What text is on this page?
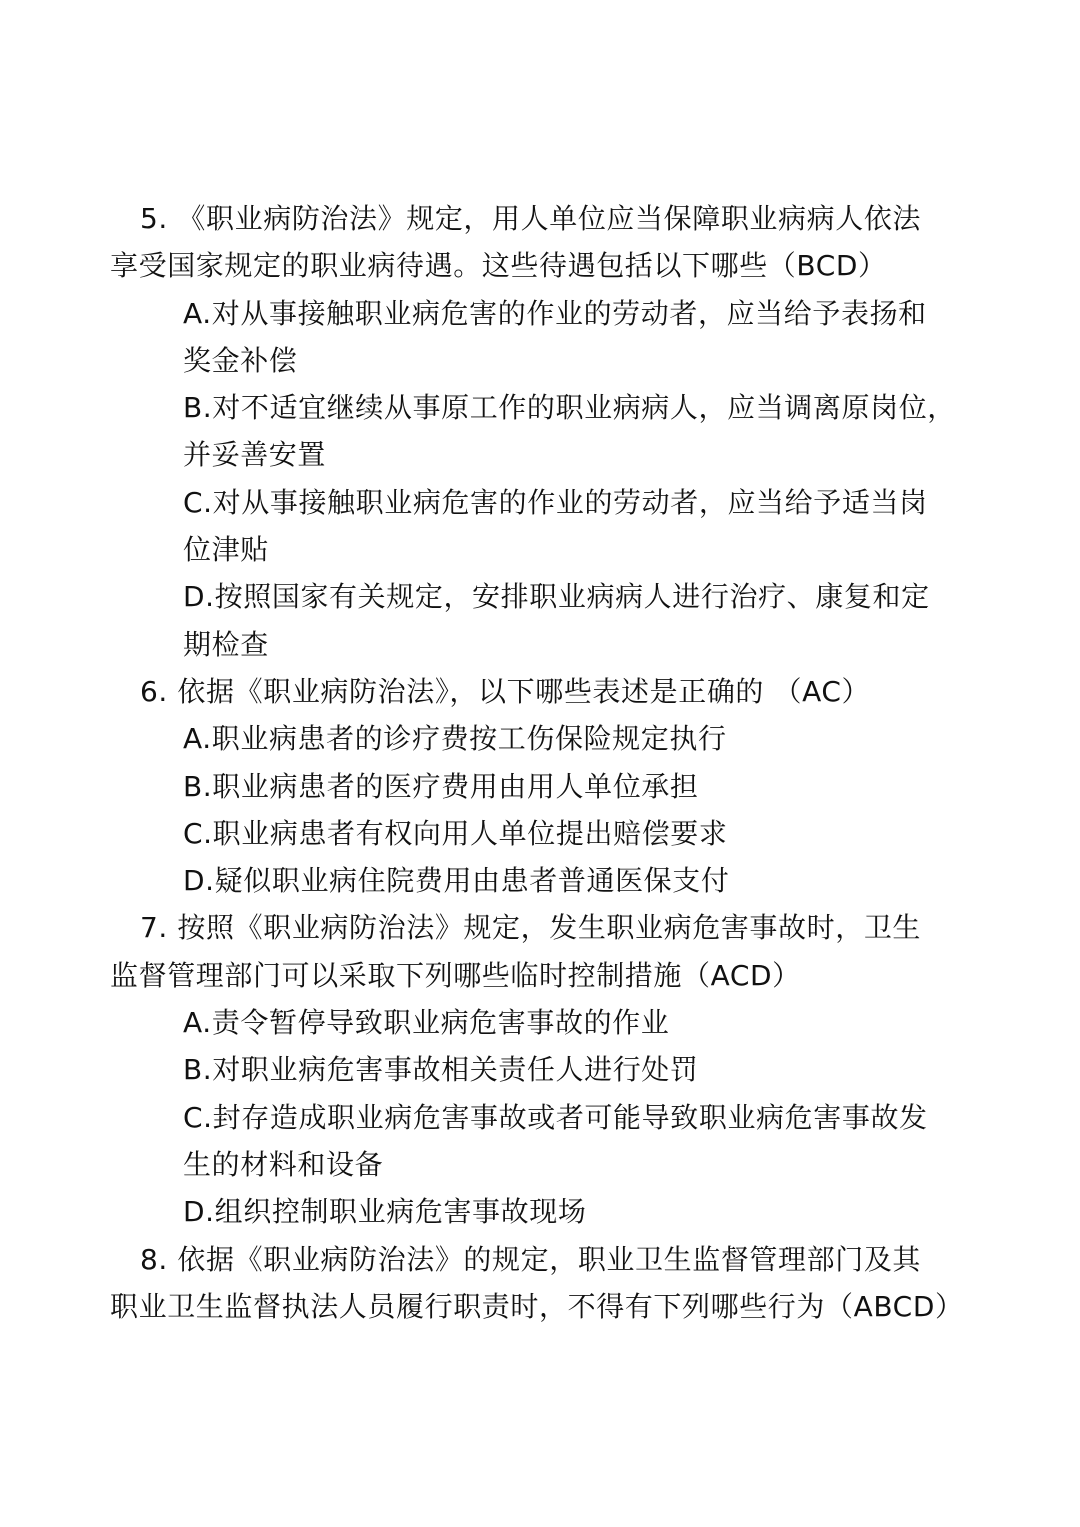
5. 《职业病防治法》规定，用人单位应当保障职业病病人依法
享受国家规定的职业病待遇。这些待遇包括以下哪些（BCD）
A.对从事接触职业病危害的作业的劳动者，应当给予表扬和
奖金补偿
B.对不适宜继续从事原工作的职业病病人，应当调离原岗位，
并妥善安置
C.对从事接触职业病危害的作业的劳动者，应当给予适当岗
位津贴
D.按照国家有关规定，安排职业病病人进行治疗、康复和定
期检查
6. 依据《职业病防治法》，以下哪些表述是正确的 （AC）
A.职业病患者的诊疗费按工伤保险规定执行
B.职业病患者的医疗费用由用人单位承担
C.职业病患者有权向用人单位提出赔偿要求
D.疑似职业病住院费用由患者普通医保支付
7. 按照《职业病防治法》规定，发生职业病危害事故时，卫生
监督管理部门可以采取下列哪些临时控制措施（ACD）
A.责令暂停导致职业病危害事故的作业
B.对职业病危害事故相关责任人进行处罚
C.封存造成职业病危害事故或者可能导致职业病危害事故发
生的材料和设备
D.组织控制职业病危害事故现场
8. 依据《职业病防治法》的规定，职业卫生监督管理部门及其
职业卫生监督执法人员履行职责时，不得有下列哪些行为（ABCD）
